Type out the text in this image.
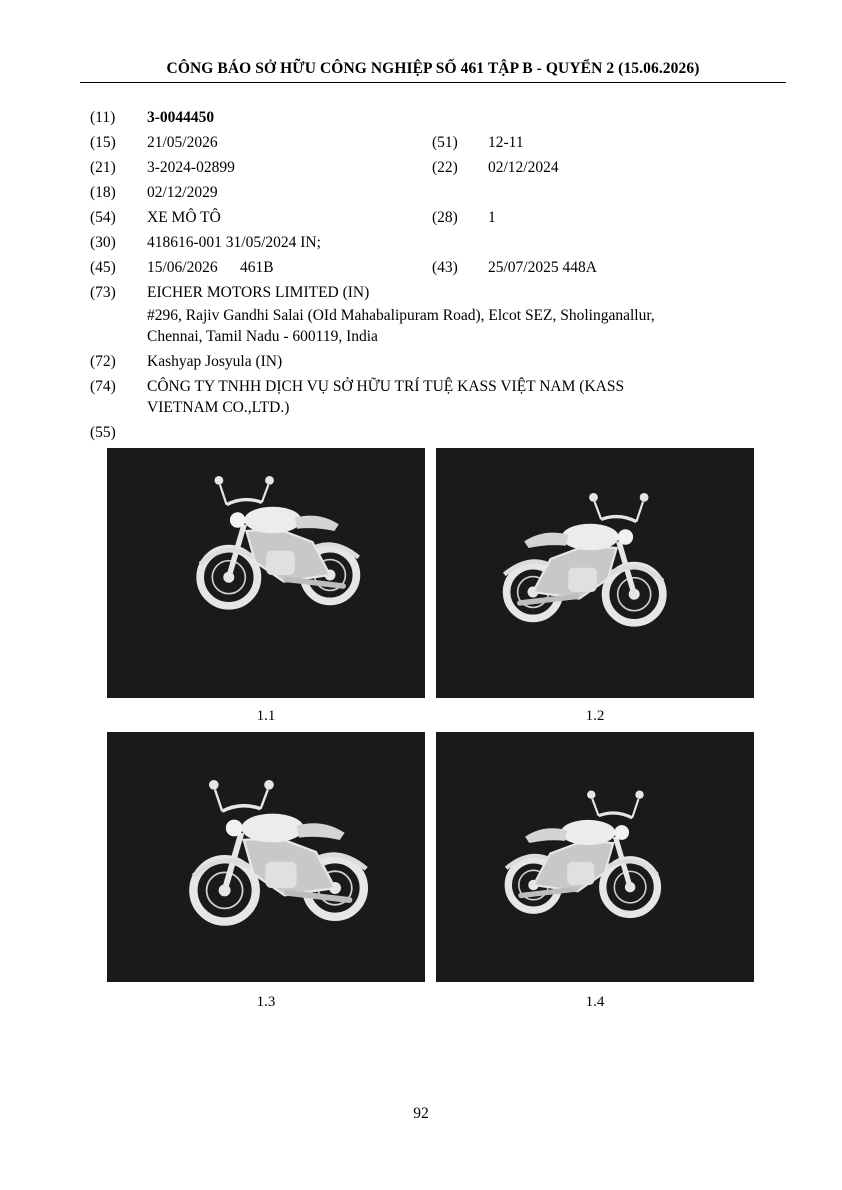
CÔNG BÁO SỞ HỮU CÔNG NGHIỆP SỐ 461 TẬP B - QUYỂN 2 (15.06.2026)
(11) 3-0044450
(15) 21/05/2026	(51) 12-11
(21) 3-2024-02899	(22) 02/12/2024
(18) 02/12/2029
(54) XE MÔ TÔ	(28) 1
(30) 418616-001 31/05/2024 IN;
(45) 15/06/2026 461B	(43) 25/07/2025 448A
(73) EICHER MOTORS LIMITED (IN)
#296, Rajiv Gandhi Salai (OId Mahabalipuram Road), Elcot SEZ, Sholinganallur,
Chennai, Tamil Nadu - 600119, India
(72) Kashyap Josyula (IN)
(74) CÔNG TY TNHH DỊCH VỤ SỞ HỮU TRÍ TUỆ KASS VIỆT NAM (KASS
VIETNAM CO.,LTD.)
(55)
1.1	1.2
1.3	1.4
92
